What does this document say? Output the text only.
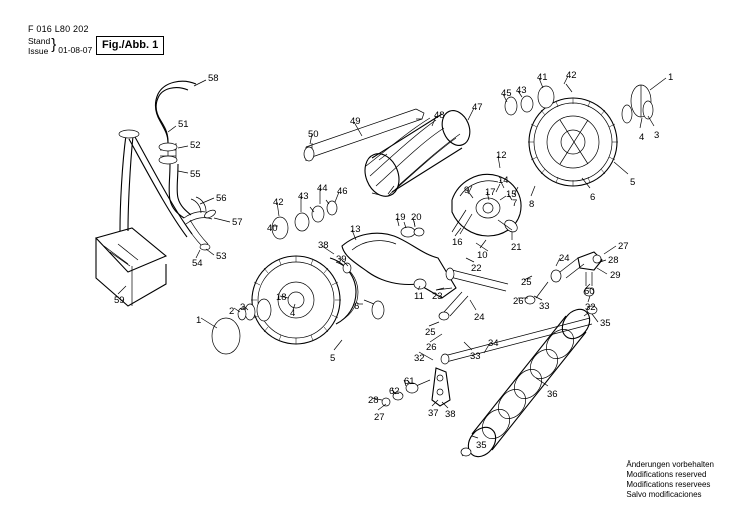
F 016 L80 202
Stand
Issue } 01-08-07 Fig./Abb. 1
58
51
52
55
56
57
53
54
59
50
49
48
47
45 43
41 42	1
4 3
5
6
8
7
12
14
15
17
9
16
10
21
22
11 23
24
25
26
32	33
34
24
25
26 33
27
28
29
60
32
35
36
35
38
37
27
28
62
61
42
43
44 46
40	13
19 20
38
39
18
2 3
4
6
5
1
Änderungen vorbehalten
Modifications reserved
Modifications reservees
Salvo modificaciones
